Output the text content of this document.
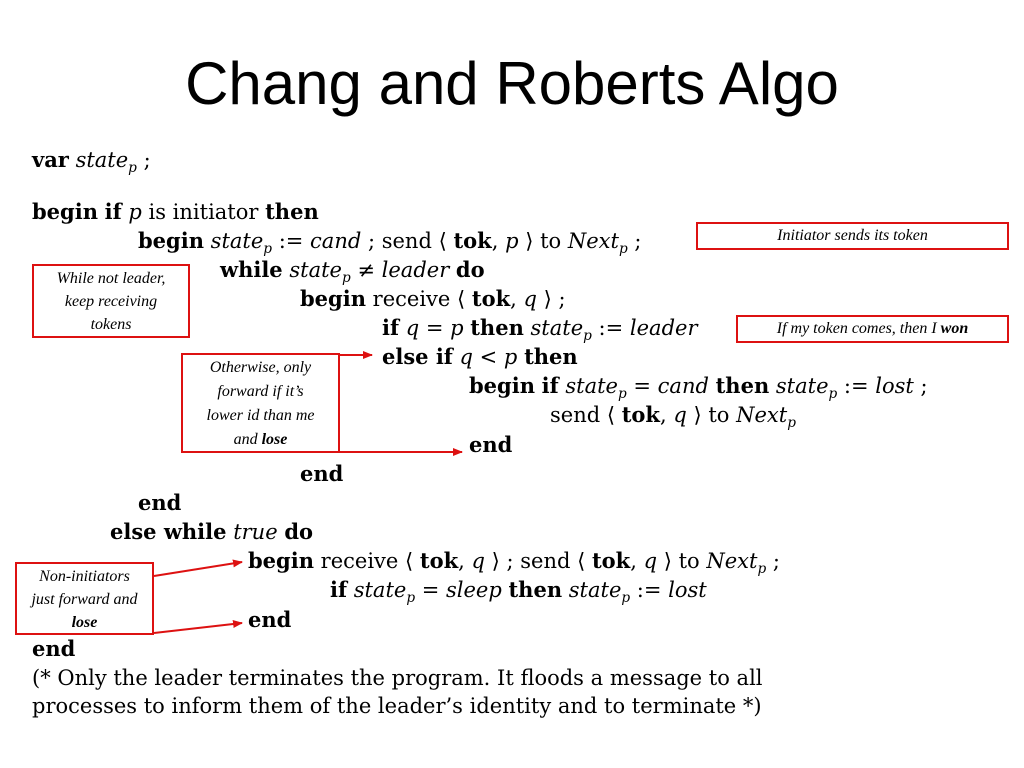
Chang and Roberts Algo
var state$_p$ ;
begin if p is initiator then
begin state$_p$ := cand ; send ⟨ tok, p ⟩ to Next$_p$ ;
while state$_p$ ≠ leader do
begin receive ⟨ tok, q ⟩ ;
if q = p then state$_p$ := leader
else if q < p then
begin if state$_p$ = cand then state$_p$ := lost ;
send ⟨ tok, q ⟩ to Next$_p$
end
end
end
else while true do
begin receive ⟨ tok, q ⟩ ; send ⟨ tok, q ⟩ to Next$_p$ ;
if state$_p$ = sleep then state$_p$ := lost
end
end
(* Only the leader terminates the program. It floods a message to all
processes to inform them of the leader’s identity and to terminate *)
Initiator sends its token
While not leader,
keep receiving
tokens	If my token comes, then I won
Otherwise, only
forward if it’s
lower id than me
and lose
Non-initiators
just forward and
lose
